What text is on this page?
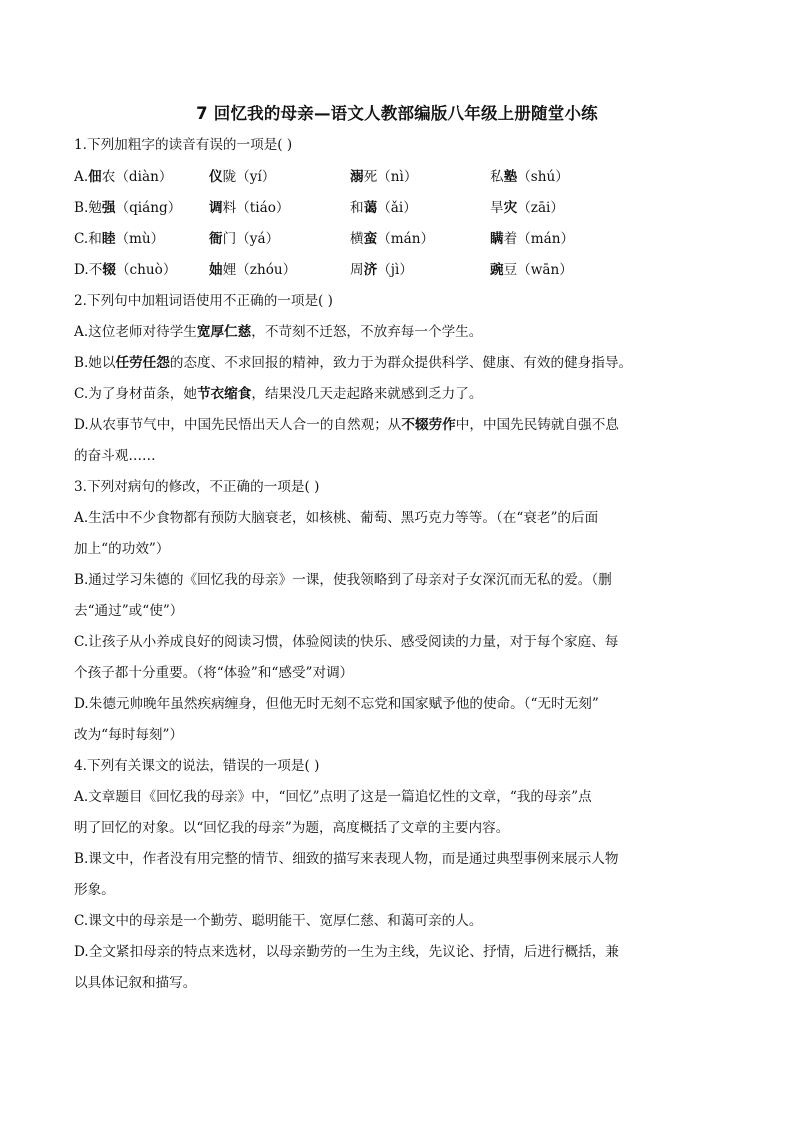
7 回忆我的母亲—语文人教部编版八年级上册随堂小练
1.下列加粗字的读音有误的一项是( )
A.佃农（diàn）	仪陇（yí）	溺死（nì）	私塾（shú）
B.勉强（qiáng） 调料（tiáo）	和蔼（ǎi）	旱灾（zāi）
C.和睦（mù）	衙门（yá）	横蛮（mán）	瞒着（mán）
D.不辍（chuò） 妯娌（zhóu）	周济（jì）	豌豆（wān）
2.下列句中加粗词语使用不正确的一项是( )
A.这位老师对待学生宽厚仁慈，不苛刻不迁怒，不放弃每一个学生。
B.她以任劳任怨的态度、不求回报的精神，致力于为群众提供科学、健康、有效的健身指导。
C.为了身材苗条，她节衣缩食，结果没几天走起路来就感到乏力了。
D.从农事节气中，中国先民悟出天人合一的自然观；从不辍劳作中，中国先民铸就自强不息
的奋斗观……
3.下列对病句的修改，不正确的一项是( )
A.生活中不少食物都有预防大脑衰老，如核桃、葡萄、黑巧克力等等。（在“衰老”的后面
加上“的功效”）
B.通过学习朱德的《回忆我的母亲》一课，使我领略到了母亲对子女深沉而无私的爱。（删
去“通过”或“使”）
C.让孩子从小养成良好的阅读习惯，体验阅读的快乐、感受阅读的力量，对于每个家庭、每
个孩子都十分重要。（将“体验”和“感受”对调）
D.朱德元帅晚年虽然疾病缠身，但他无时无刻不忘党和国家赋予他的使命。（“无时无刻”
改为“每时每刻”）
4.下列有关课文的说法，错误的一项是( )
A.文章题目《回忆我的母亲》中，“回忆”点明了这是一篇追忆性的文章，“我的母亲”点
明了回忆的对象。以“回忆我的母亲”为题，高度概括了文章的主要内容。
B.课文中，作者没有用完整的情节、细致的描写来表现人物，而是通过典型事例来展示人物
形象。
C.课文中的母亲是一个勤劳、聪明能干、宽厚仁慈、和蔼可亲的人。
D.全文紧扣母亲的特点来选材，以母亲勤劳的一生为主线，先议论、抒情，后进行概括，兼
以具体记叙和描写。
